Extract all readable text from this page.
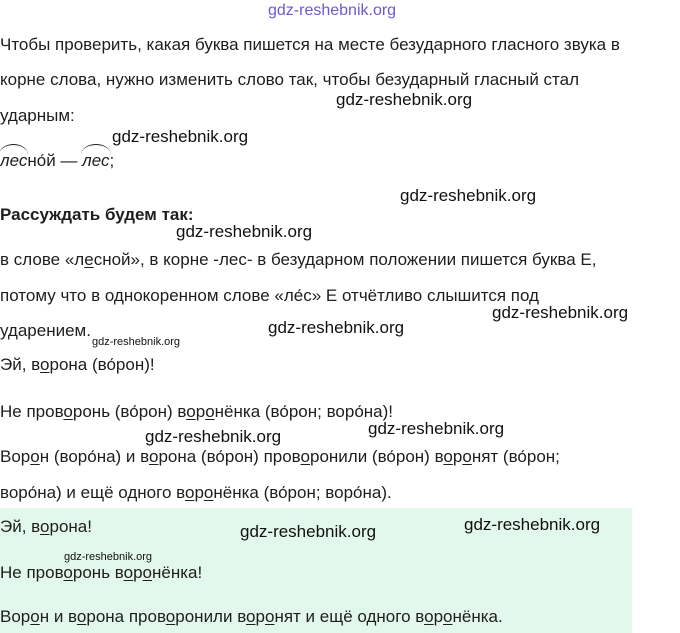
gdz-reshebnik.org
gdz-reshebnik.org
gdz-reshebnik.org
gdz-reshebnik.org
gdz-reshebnik.org
gdz-reshebnik.org
gdz-reshebnik.org
gdz-reshebnik.org
gdz-reshebnik.org
gdz-reshebnik.org
gdz-reshebnik.org
gdz-reshebnik.org
gdz-reshebnik.org
Чтобы проверить, какая буква пишется на месте безударного гласного звука в
корне слова, нужно изменить слово так, чтобы безударный гласный стал
ударным:
лесно́й — лес;
Рассуждать будем так:
в слове «лесной», в корне -лес- в безударном положении пишется буква Е,
потому что в однокоренном слове «ле́с» Е отчётливо слышится под
ударением.
Эй, ворона (во́рон)!
Не проворонь (во́рон) воронёнка (во́рон; воро́на)!
Ворон (воро́на) и ворона (во́рон) проворонили (во́рон) воронят (во́рон;
воро́на) и ещё одного воронёнка (во́рон; воро́на).
Эй, ворона!
Не проворонь воронёнка!
Ворон и ворона проворонили воронят и ещё одного воронёнка.
